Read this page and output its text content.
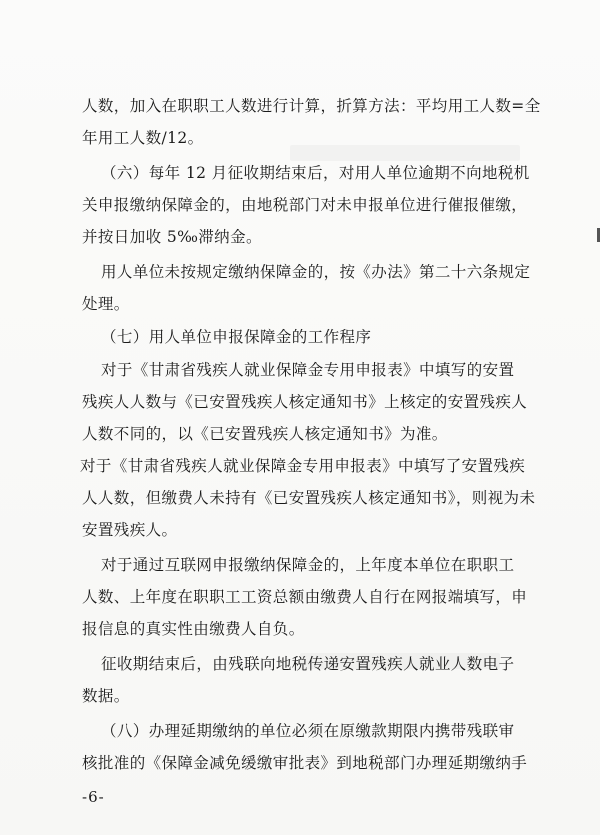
人数，加入在职职工人数进行计算，折算方法：平均用工人数=全
年用工人数/12。
（六）每年 12 月征收期结束后，对用人单位逾期不向地税机
关申报缴纳保障金的，由地税部门对未申报单位进行催报催缴，
并按日加收 5‰滞纳金。
用人单位未按规定缴纳保障金的，按《办法》第二十六条规定
处理。
（七）用人单位申报保障金的工作程序
对于《甘肃省残疾人就业保障金专用申报表》中填写的安置
残疾人人数与《已安置残疾人核定通知书》上核定的安置残疾人
人数不同的，以《已安置残疾人核定通知书》为准。
对于《甘肃省残疾人就业保障金专用申报表》中填写了安置残疾
人人数，但缴费人未持有《已安置残疾人核定通知书》，则视为未
安置残疾人。
对于通过互联网申报缴纳保障金的，上年度本单位在职职工
人数、上年度在职职工工资总额由缴费人自行在网报端填写，申
报信息的真实性由缴费人自负。
征收期结束后，由残联向地税传递安置残疾人就业人数电子
数据。
（八）办理延期缴纳的单位必须在原缴款期限内携带残联审
核批准的《保障金减免缓缴审批表》到地税部门办理延期缴纳手
-6-
